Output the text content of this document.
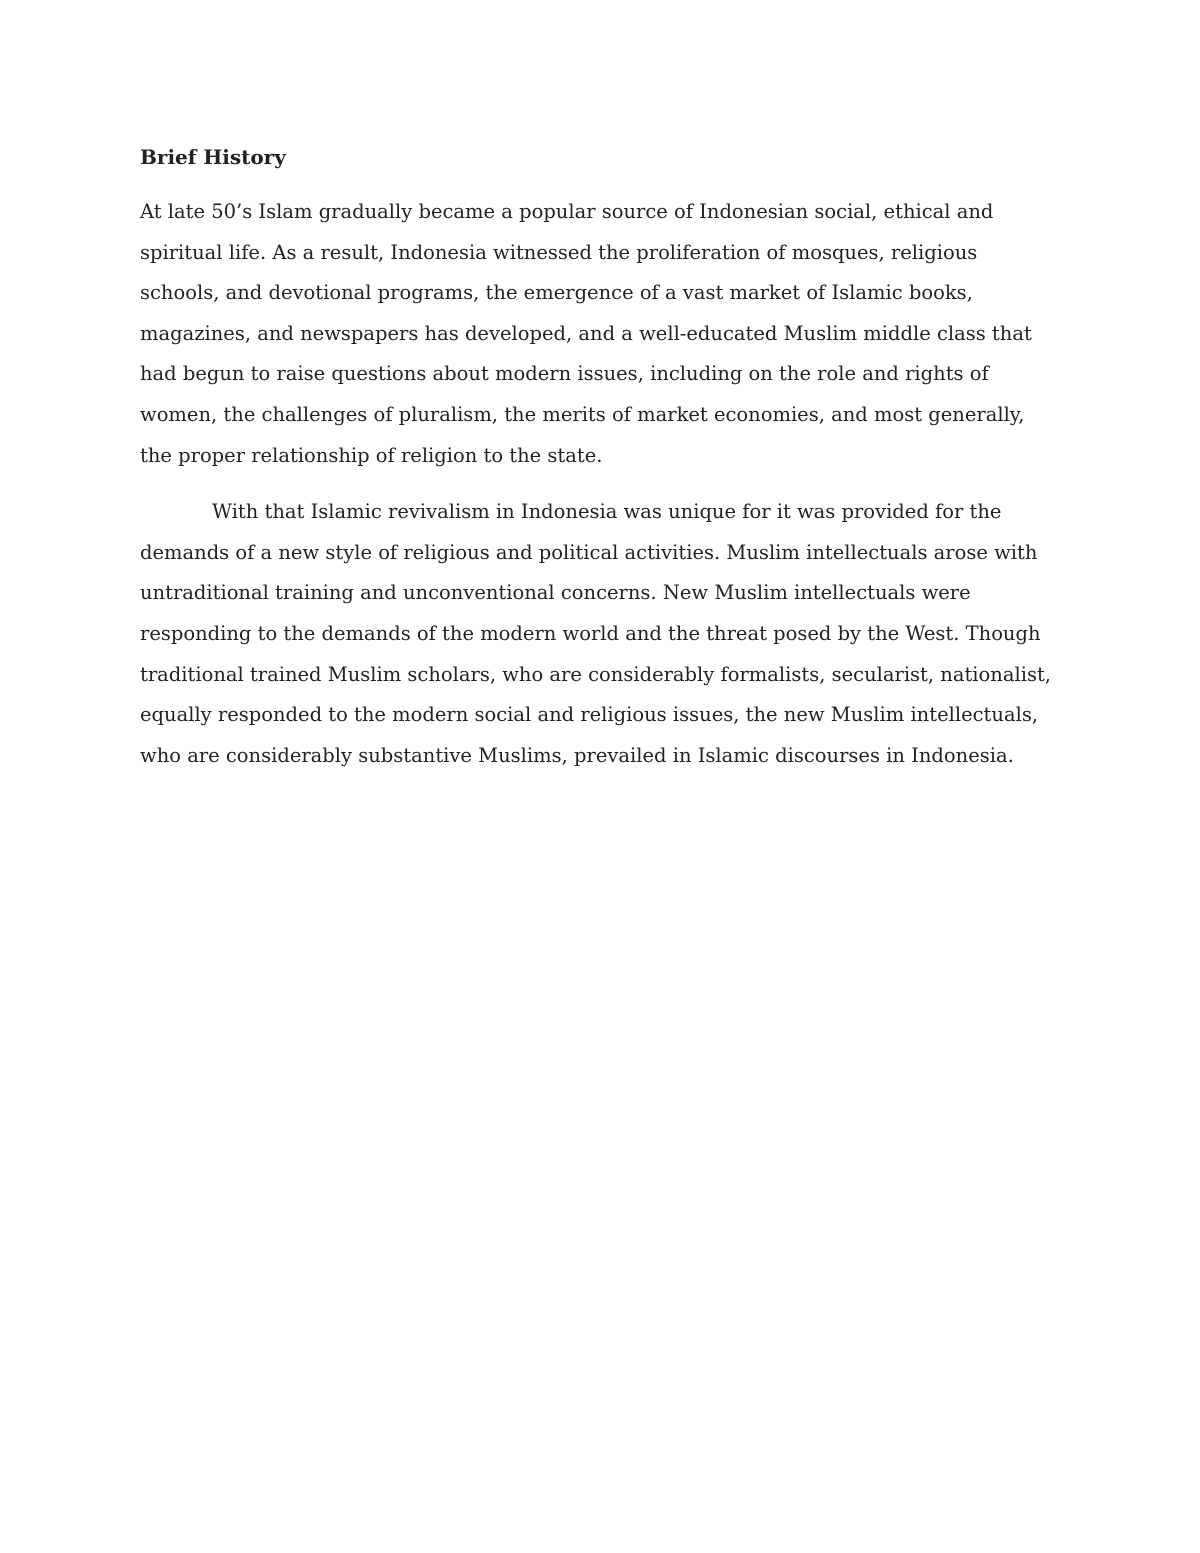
Brief History

At late 50’s Islam gradually became a popular source of Indonesian social, ethical and spiritual life. As a result, Indonesia witnessed the proliferation of mosques, religious schools, and devotional programs, the emergence of a vast market of Islamic books, magazines, and newspapers has developed, and a well-educated Muslim middle class that had begun to raise questions about modern issues, including on the role and rights of women, the challenges of pluralism, the merits of market economies, and most generally, the proper relationship of religion to the state.

With that Islamic revivalism in Indonesia was unique for it was provided for the demands of a new style of religious and political activities. Muslim intellectuals arose with untraditional training and unconventional concerns. New Muslim intellectuals were responding to the demands of the modern world and the threat posed by the West. Though traditional trained Muslim scholars, who are considerably formalists, secularist, nationalist, equally responded to the modern social and religious issues, the new Muslim intellectuals, who are considerably substantive Muslims, prevailed in Islamic discourses in Indonesia.
